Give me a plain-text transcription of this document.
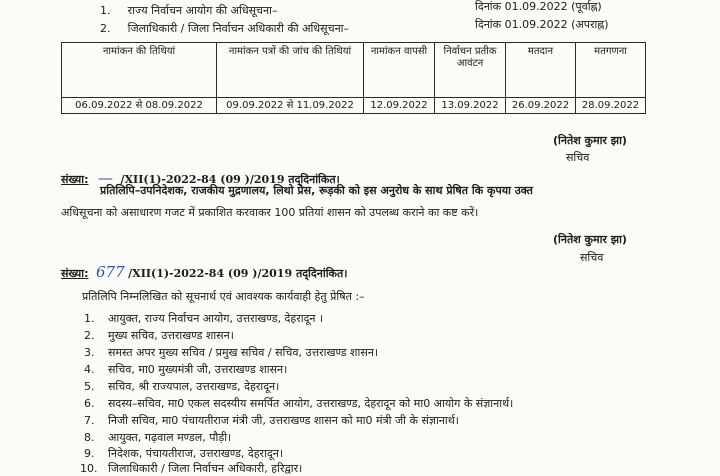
1. राज्य निर्वाचन आयोग की अधिसूचना–	दिनांक 01.09.2022 (पूर्वाह्न)
2. जिलाधिकारी / जिला निर्वाचन अधिकारी की अधिसूचना–	दिनांक 01.09.2022 (अपराह्न)
नामांकन की तिथियां	नामांकन पत्रों की जांच की तिथियां	नामांकन वापसी	निर्वाचन प्रतीक आवंटन	मतदान	मतगणना
06.09.2022 से 08.09.2022	09.09.2022 से 11.09.2022	12.09.2022	13.09.2022	26.09.2022	28.09.2022
(नितेश कुमार झा)
सचिव
संख्या: — /XII(1)-2022-84 (09 )/2019 तद्‌दिनांकित।
प्रतिलिपि–उपनिदेशक, राजकीय मुद्रणालय, लिथो प्रेस, रूड़की को इस अनुरोध के साथ प्रेषित कि कृपया उक्त
अधिसूचना को असाधारण गजट में प्रकाशित करवाकर 100 प्रतियां शासन को उपलब्ध कराने का कष्ट करें।
(नितेश कुमार झा)
सचिव
संख्या: 677 /XII(1)-2022-84 (09 )/2019 तद्‌दिनांकित।
प्रतिलिपि निम्नलिखित को सूचनार्थ एवं आवश्यक कार्यवाही हेतु प्रेषित :–
1. आयुक्त, राज्य निर्वाचन आयोग, उत्तराखण्ड, देहरादून ।
2. मुख्य सचिव, उत्तराखण्ड शासन।
3. समस्त अपर मुख्य सचिव / प्रमुख सचिव / सचिव, उत्तराखण्ड शासन।
4. सचिव, मा0 मुख्यमंत्री जी, उत्तराखण्ड शासन।
5. सचिव, श्री राज्यपाल, उत्तराखण्ड, देहरादून।
6. सदस्य–सचिव, मा0 एकल सदस्यीय समर्पित आयोग, उत्तराखण्ड, देहरादून को मा0 आयोग के संज्ञानार्थ।
7. निजी सचिव, मा0 पंचायतीराज मंत्री जी, उत्तराखण्ड शासन को मा0 मंत्री जी के संज्ञानार्थ।
8. आयुक्त, गढ़वाल मण्डल, पौड़ी।
9. निदेशक, पंचायतीराज, उत्तराखण्ड, देहरादून।
10. जिलाधिकारी / जिला निर्वाचन अधिकारी, हरिद्वार।
